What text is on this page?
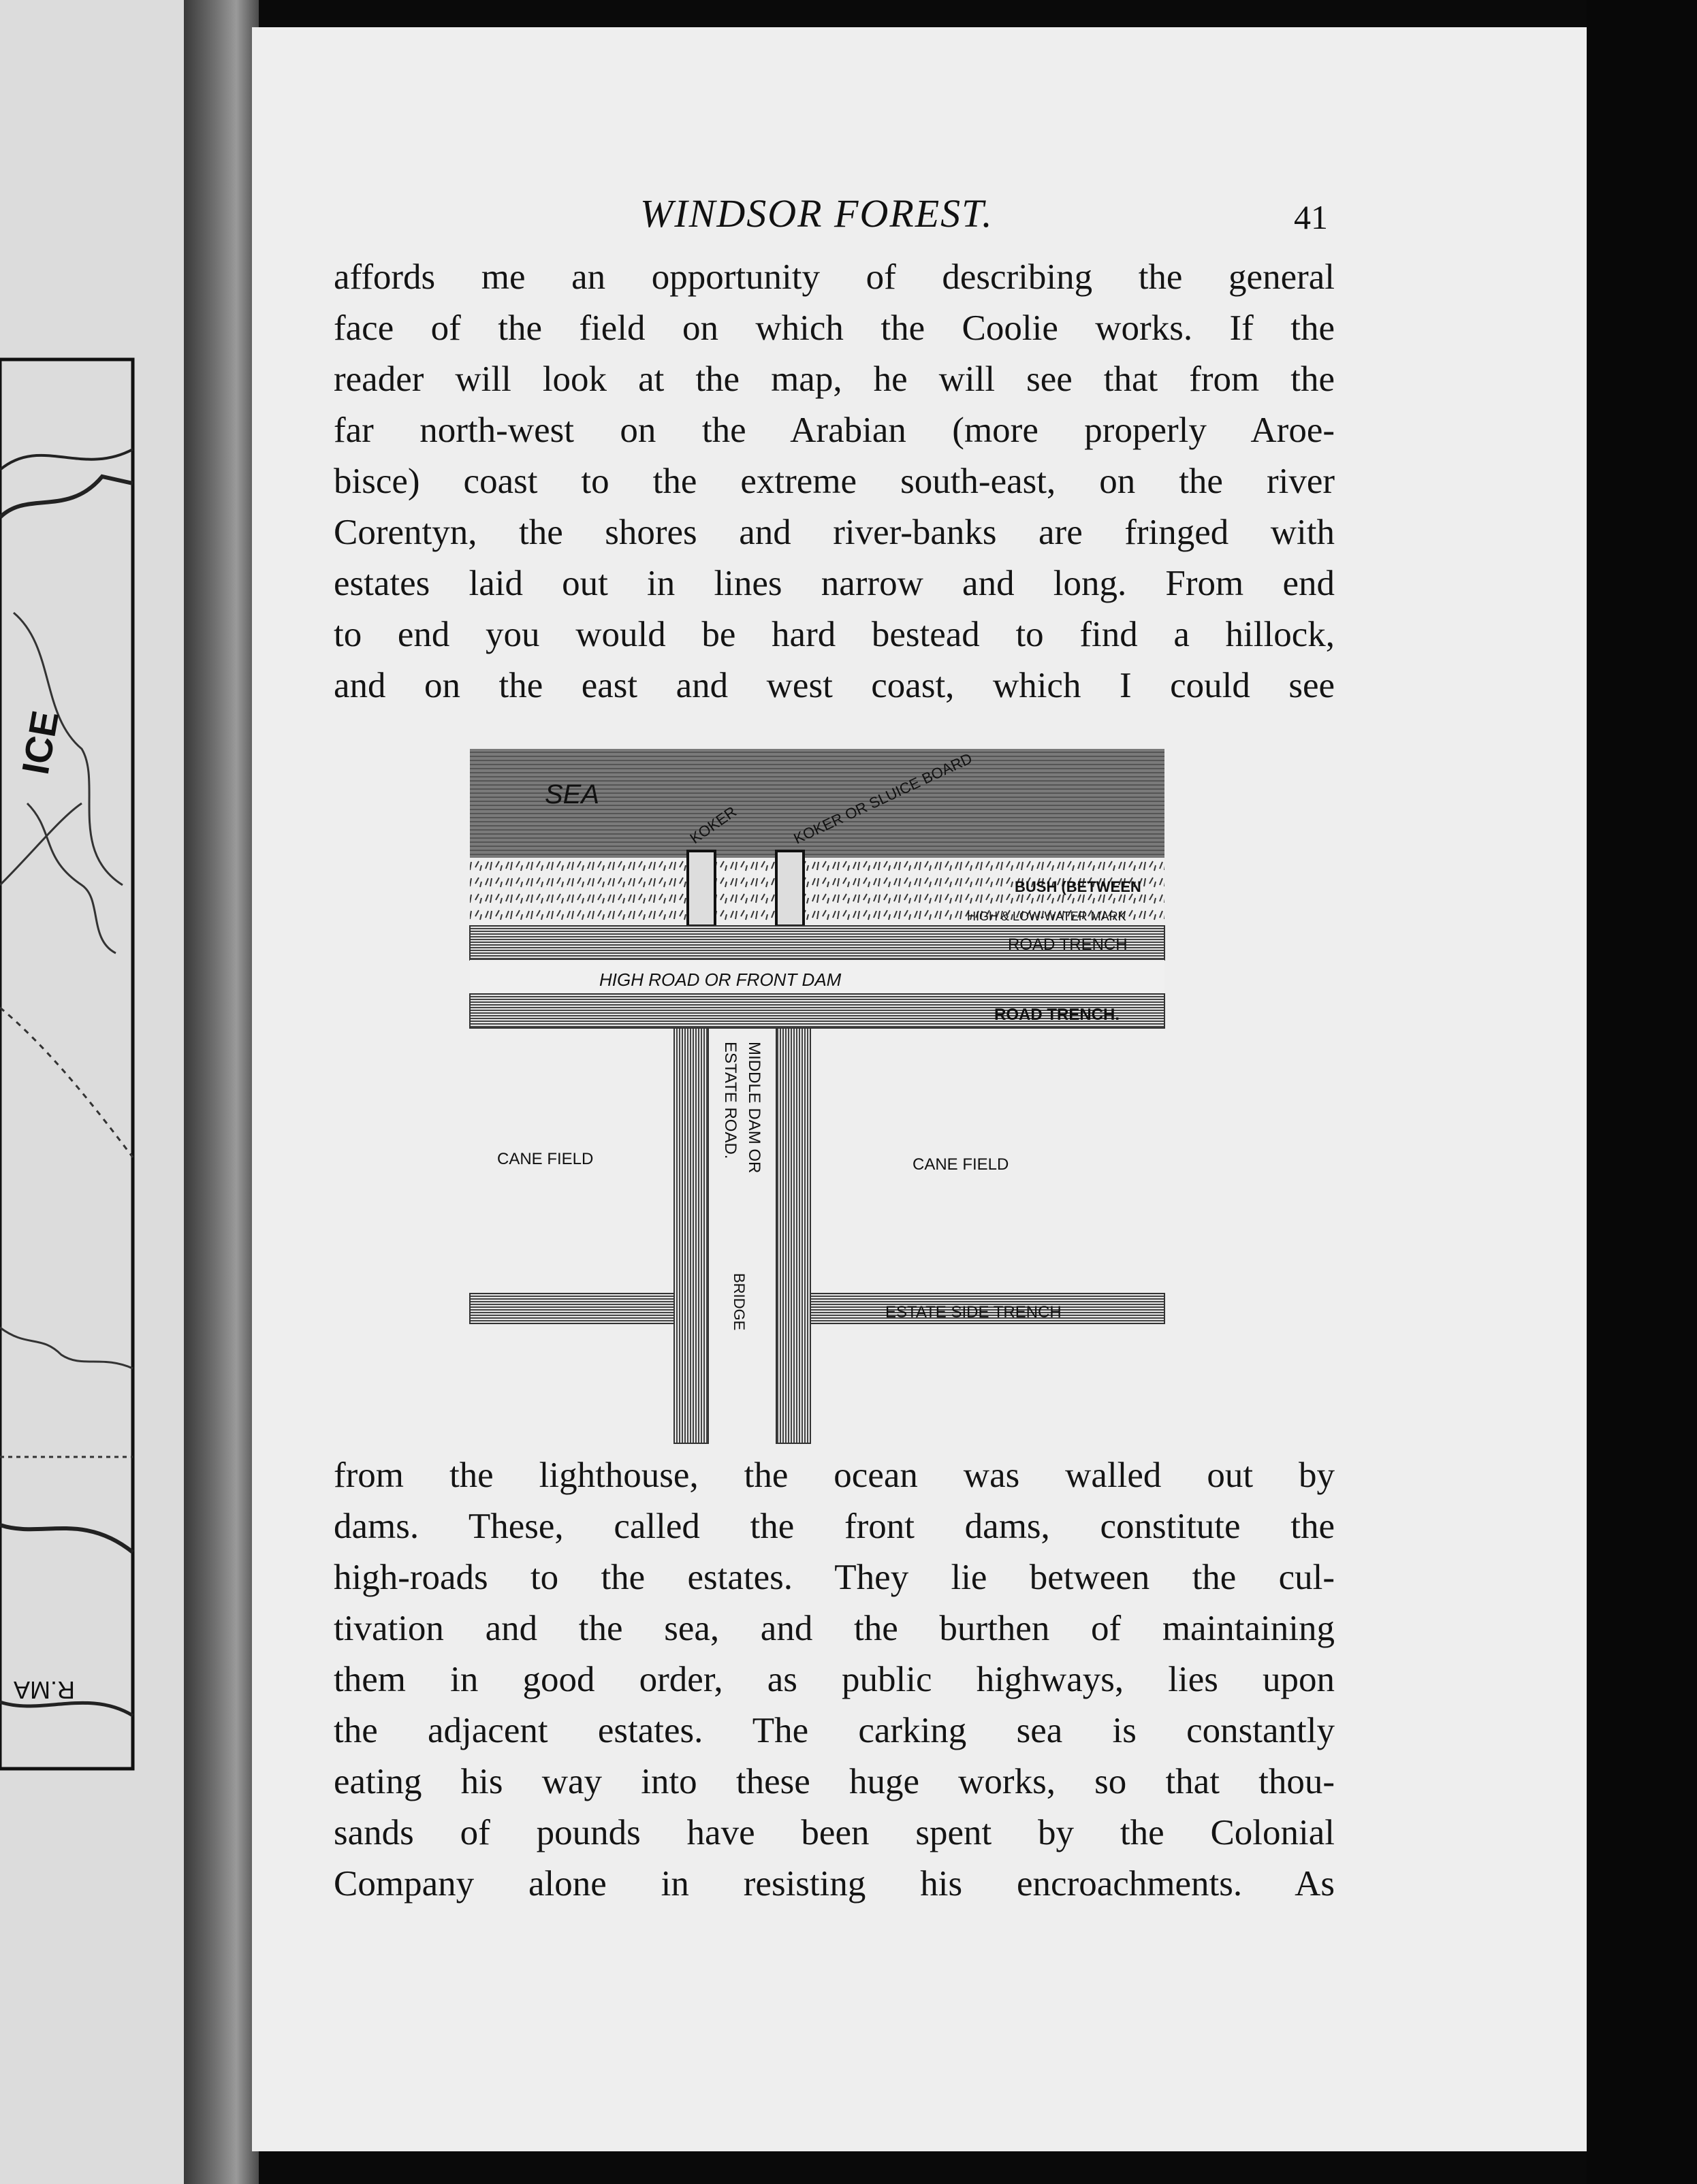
ICE
R.MA
WINDSOR FOREST.	41
affords me an opportunity of describing the general
face of the field on which the Coolie works. If the
reader will look at the map, he will see that from the
far north-west on the Arabian (more properly Aroe-
bisce) coast to the extreme south-east, on the river
Corentyn, the shores and river-banks are fringed with
estates laid out in lines narrow and long. From end
to end you would be hard bestead to find a hillock,
and on the east and west coast, which I could see
SEA
KOKER	KOKER OR SLUICE BOARD
BUSH (BETWEEN
HIGH & LOW-WATER MARK
ROAD TRENCH
HIGH ROAD OR FRONT DAM
ROAD TRENCH.
MIDDLE DAM OR
ESTATE ROAD.
CANE FIELD	CANE FIELD
BRIDGE	ESTATE SIDE TRENCH
from the lighthouse, the ocean was walled out by
dams. These, called the front dams, constitute the
high-roads to the estates. They lie between the cul-
tivation and the sea, and the burthen of maintaining
them in good order, as public highways, lies upon
the adjacent estates. The carking sea is constantly
eating his way into these huge works, so that thou-
sands of pounds have been spent by the Colonial
Company alone in resisting his encroachments. As
